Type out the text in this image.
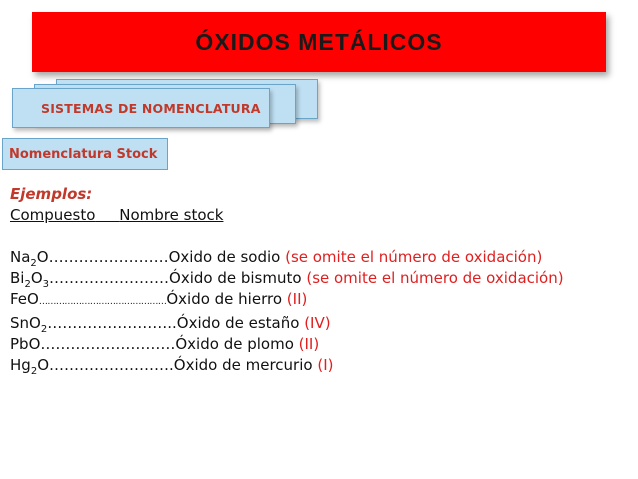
ÓXIDOS METÁLICOS
SISTEMAS DE NOMENCLATURA
Nomenclatura Stock
Ejemplos:
Compuesto	Nombre stock
$Na_2O\dots\dots\dots\dots\dots\dots\dots\dots Oxido$ de sodio (se omite el número de oxidación)
$Bi_2O_3\dots\dots\dots\dots\dots\dots\dots\dots Óxido$ de bismuto (se omite el número de oxidación)
FeO………………………………………Óxido de hierro (II)
SnO$_2$……………………..Óxido de estaño (IV)
PbO………………………Óxido de plomo (II)
$Hg_2O\dots\dots\dots\dots\dots\dots\dots\dots.Óxido$ de mercurio (I)
